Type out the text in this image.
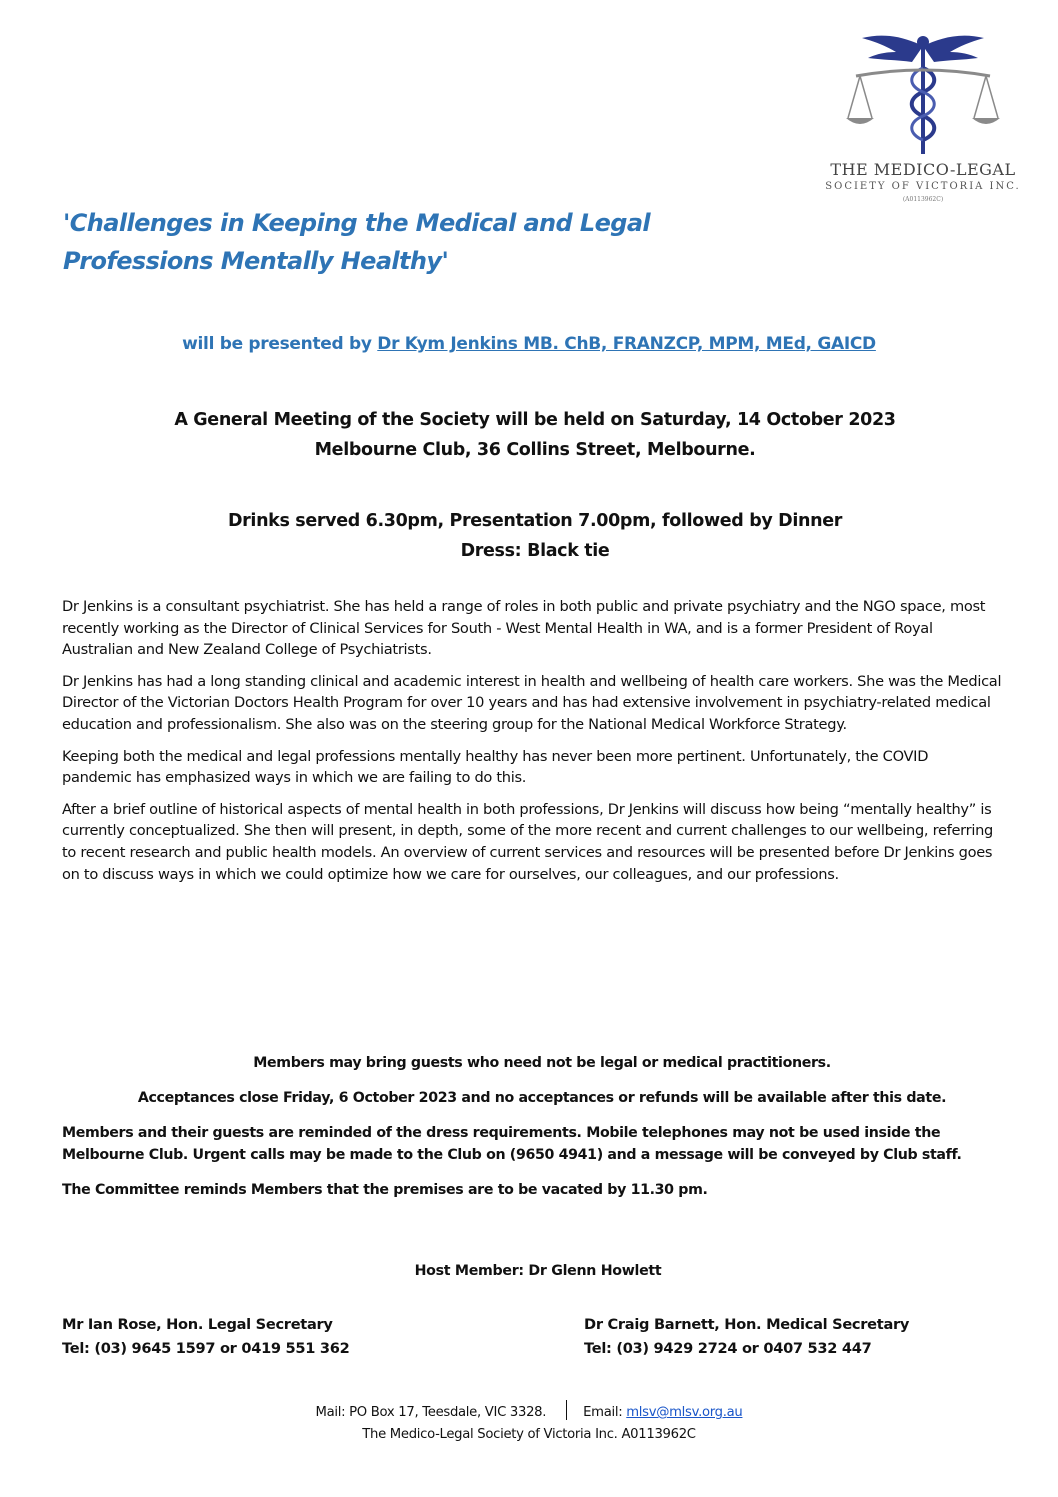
THE MEDICO-LEGAL
SOCIETY OF VICTORIA INC.
(A0113962C)
'Challenges in Keeping the Medical and Legal
Professions Mentally Healthy'
will be presented by Dr Kym Jenkins MB. ChB, FRANZCP, MPM, MEd, GAICD
A General Meeting of the Society will be held on Saturday, 14 October 2023
Melbourne Club, 36 Collins Street, Melbourne.
Drinks served 6.30pm, Presentation 7.00pm, followed by Dinner
Dress: Black tie

Dr Jenkins is a consultant psychiatrist. She has held a range of roles in both public and private psychiatry and the NGO space, most recently working as the Director of Clinical Services for South - West Mental Health in WA, and is a former President of Royal Australian and New Zealand College of Psychiatrists.

Dr Jenkins has had a long standing clinical and academic interest in health and wellbeing of health care workers. She was the Medical Director of the Victorian Doctors Health Program for over 10 years and has had extensive involvement in psychiatry-related medical education and professionalism. She also was on the steering group for the National Medical Workforce Strategy.

Keeping both the medical and legal professions mentally healthy has never been more pertinent. Unfortunately, the COVID pandemic has emphasized ways in which we are failing to do this.

After a brief outline of historical aspects of mental health in both professions, Dr Jenkins will discuss how being “mentally healthy” is currently conceptualized. She then will present, in depth, some of the more recent and current challenges to our wellbeing, referring to recent research and public health models. An overview of current services and resources will be presented before Dr Jenkins goes on to discuss ways in which we could optimize how we care for ourselves, our colleagues, and our professions.

Members may bring guests who need not be legal or medical practitioners.

Acceptances close Friday, 6 October 2023 and no acceptances or refunds will be available after this date.

Members and their guests are reminded of the dress requirements. Mobile telephones may not be used inside the Melbourne Club. Urgent calls may be made to the Club on (9650 4941) and a message will be conveyed by Club staff.

The Committee reminds Members that the premises are to be vacated by 11.30 pm.

Host Member: Dr Glenn Howlett
Mr Ian Rose, Hon. Legal Secretary
Tel: (03) 9645 1597 or 0419 551 362
Dr Craig Barnett, Hon. Medical Secretary
Tel: (03) 9429 2724 or 0407 532 447
Mail: PO Box 17, Teesdale, VIC 3328.	Email: mlsv@mlsv.org.au
The Medico-Legal Society of Victoria Inc. A0113962C
